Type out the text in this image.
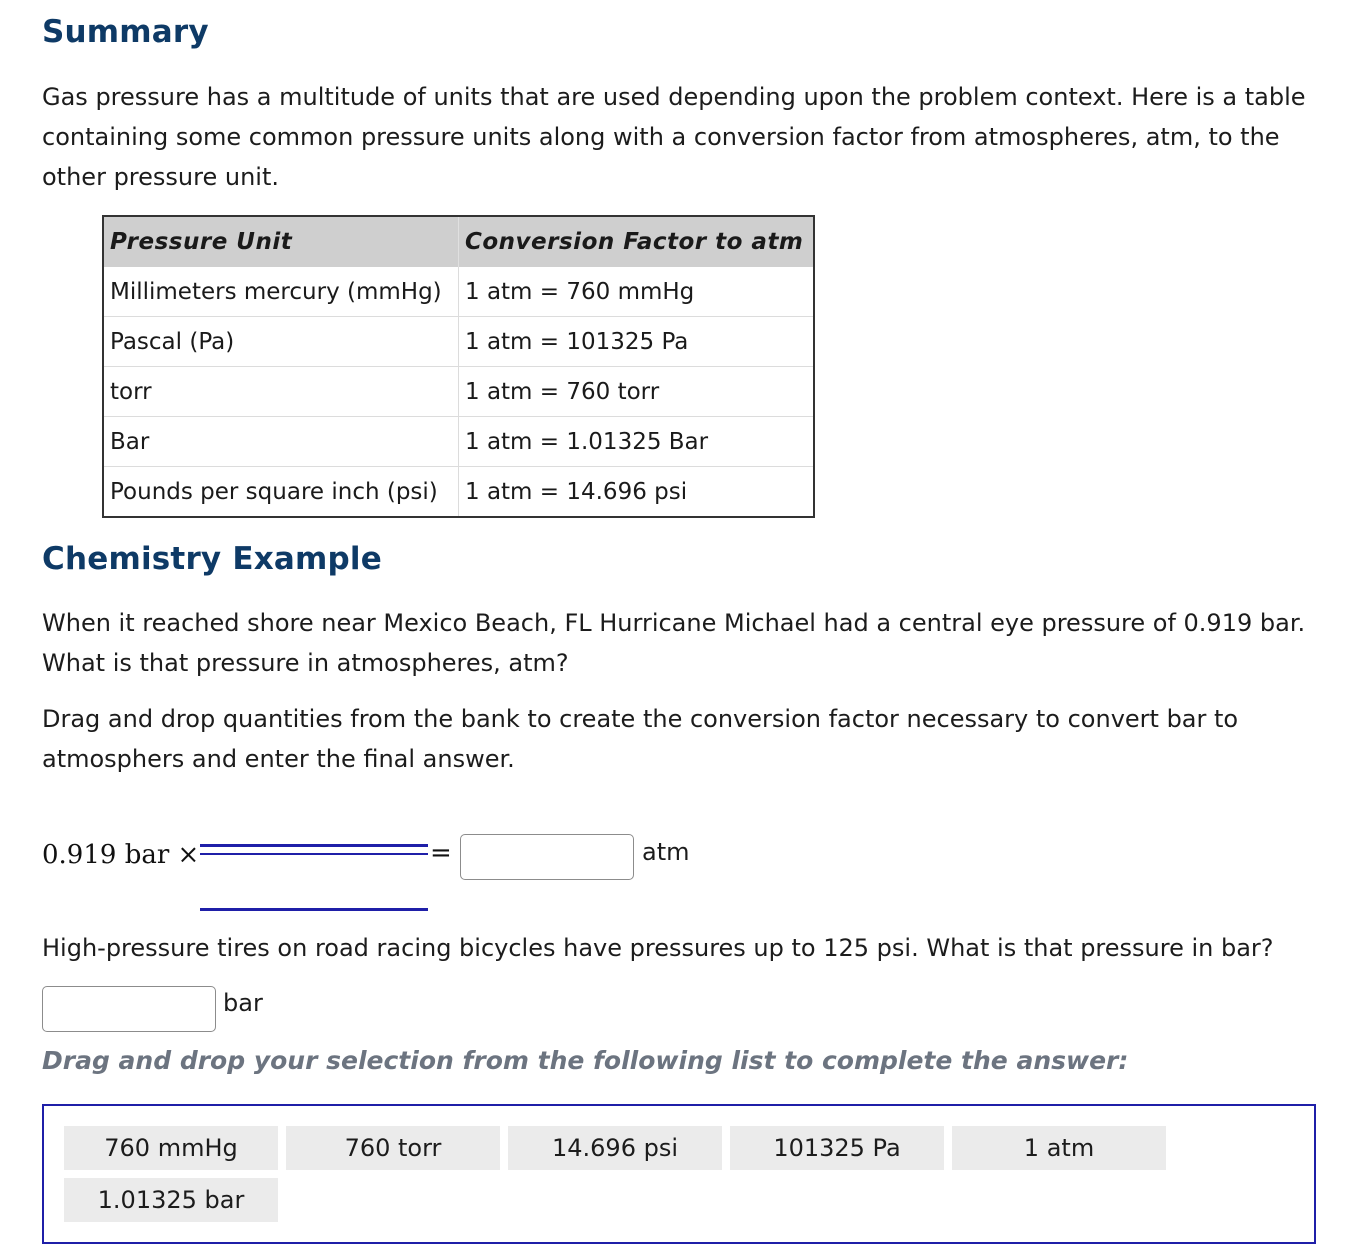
Summary

Gas pressure has a multitude of units that are used depending upon the problem context. Here is a table containing some common pressure units along with a conversion factor from atmospheres, atm, to the other pressure unit.

Pressure Unit	Conversion Factor to atm
Millimeters mercury (mmHg)	1 atm = 760 mmHg
Pascal (Pa)	1 atm = 101325 Pa
torr	1 atm = 760 torr
Bar	1 atm = 1.01325 Bar
Pounds per square inch (psi)	1 atm = 14.696 psi
Chemistry Example

When it reached shore near Mexico Beach, FL Hurricane Michael had a central eye pressure of 0.919 bar. What is that pressure in atmospheres, atm?

Drag and drop quantities from the bank to create the conversion factor necessary to convert bar to atmosphers and enter the final answer.

0.919 bar ×	=	atm

High-pressure tires on road racing bicycles have pressures up to 125 psi. What is that pressure in bar?

bar

Drag and drop your selection from the following list to complete the answer:

760 mmHg	760 torr	14.696 psi	101325 Pa	1 atm
1.01325 bar
